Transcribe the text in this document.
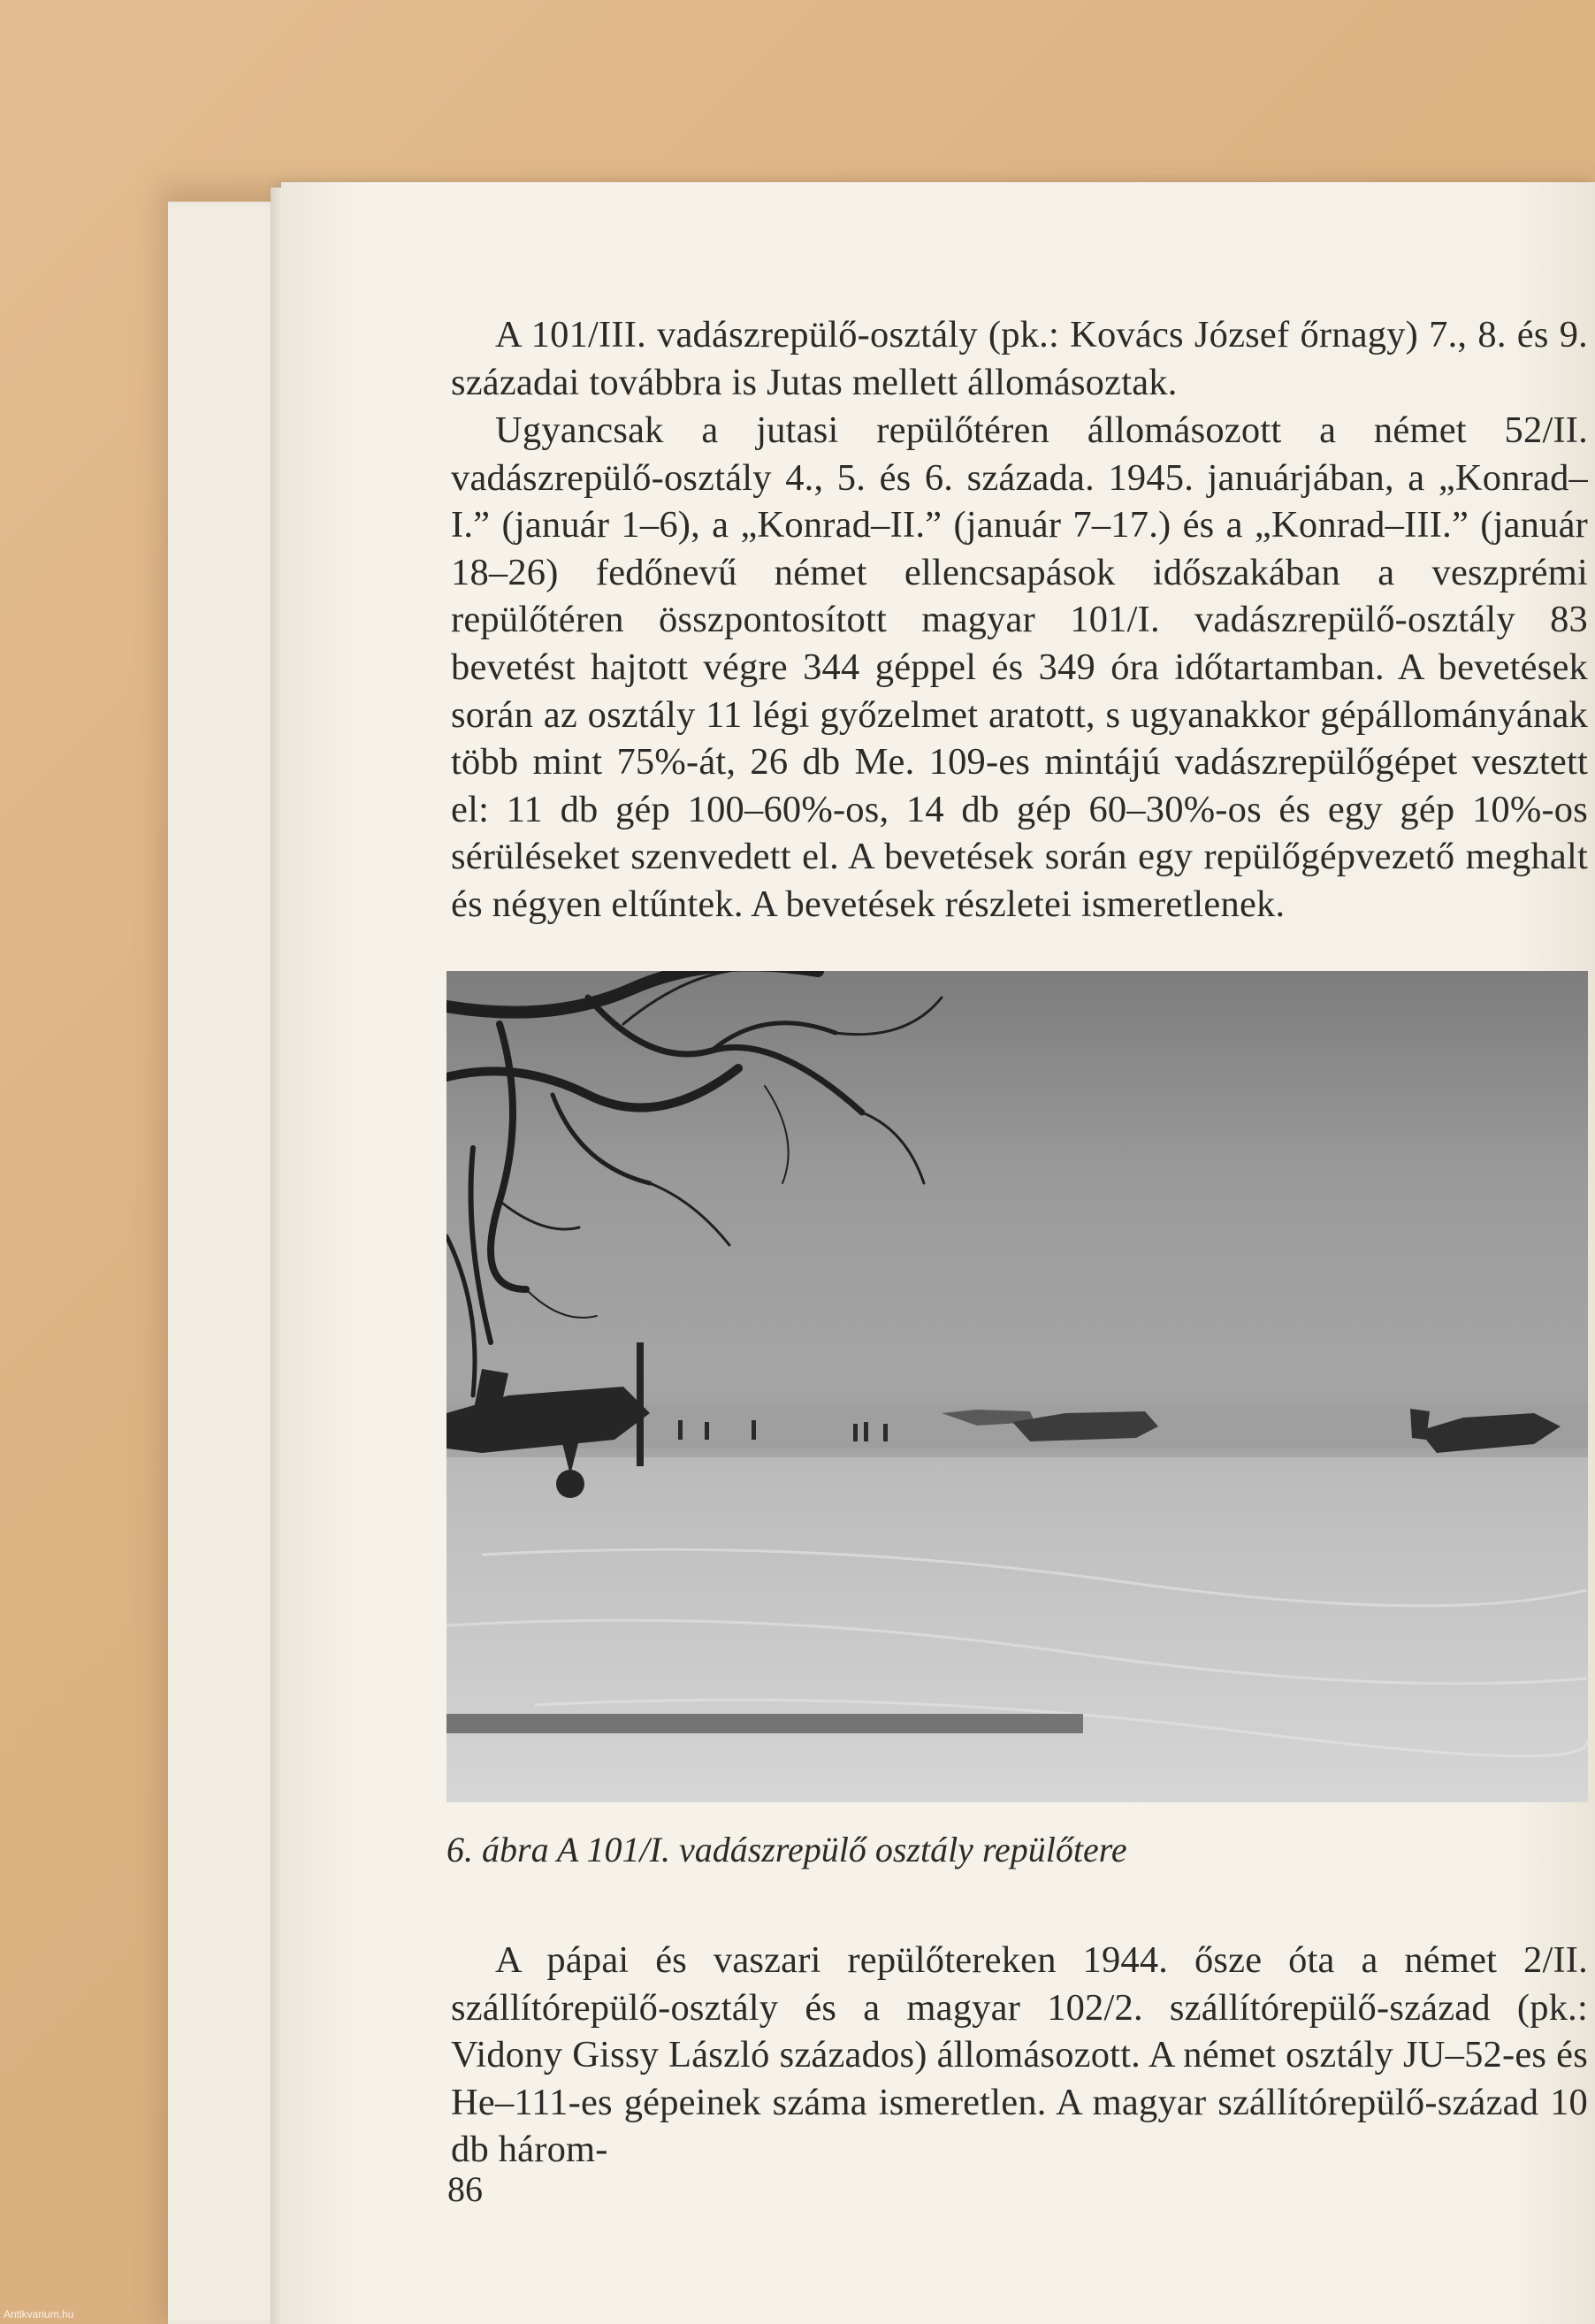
A 101/III. vadászrepülő-osztály (pk.: Kovács József őrnagy) 7., 8. és 9. századai továbbra is Jutas mellett állomásoztak.

Ugyancsak a jutasi repülőtéren állomásozott a német 52/II. vadászrepülő-osztály 4., 5. és 6. százada. 1945. januárjában, a „Konrad–I.” (január 1–6), a „Konrad–II.” (január 7–17.) és a „Konrad–III.” (január 18–26) fedőnevű német ellencsapások időszakában a veszprémi repülőtéren összpontosított magyar 101/I. vadászrepülő-osztály 83 bevetést hajtott végre 344 géppel és 349 óra időtartamban. A bevetések során az osztály 11 légi győzelmet aratott, s ugyanakkor gépállományának több mint 75%-át, 26 db Me. 109-es mintájú vadászrepülőgépet vesztett el: 11 db gép 100–60%-os, 14 db gép 60–30%-os és egy gép 10%-os sérüléseket szenvedett el. A bevetések során egy repülőgépvezető meghalt és négyen eltűntek. A bevetések részletei ismeretlenek.

6. ábra A 101/I. vadászrepülő osztály repülőtere

A pápai és vaszari repülőtereken 1944. ősze óta a német 2/II. szállítórepülő-osztály és a magyar 102/2. szállítórepülő-század (pk.: Vidony Gissy László százados) állomásozott. A német osztály JU–52-es és He–111-es gépeinek száma ismeretlen. A magyar szállítórepülő-század 10 db három-

86

Antikvarium.hu
